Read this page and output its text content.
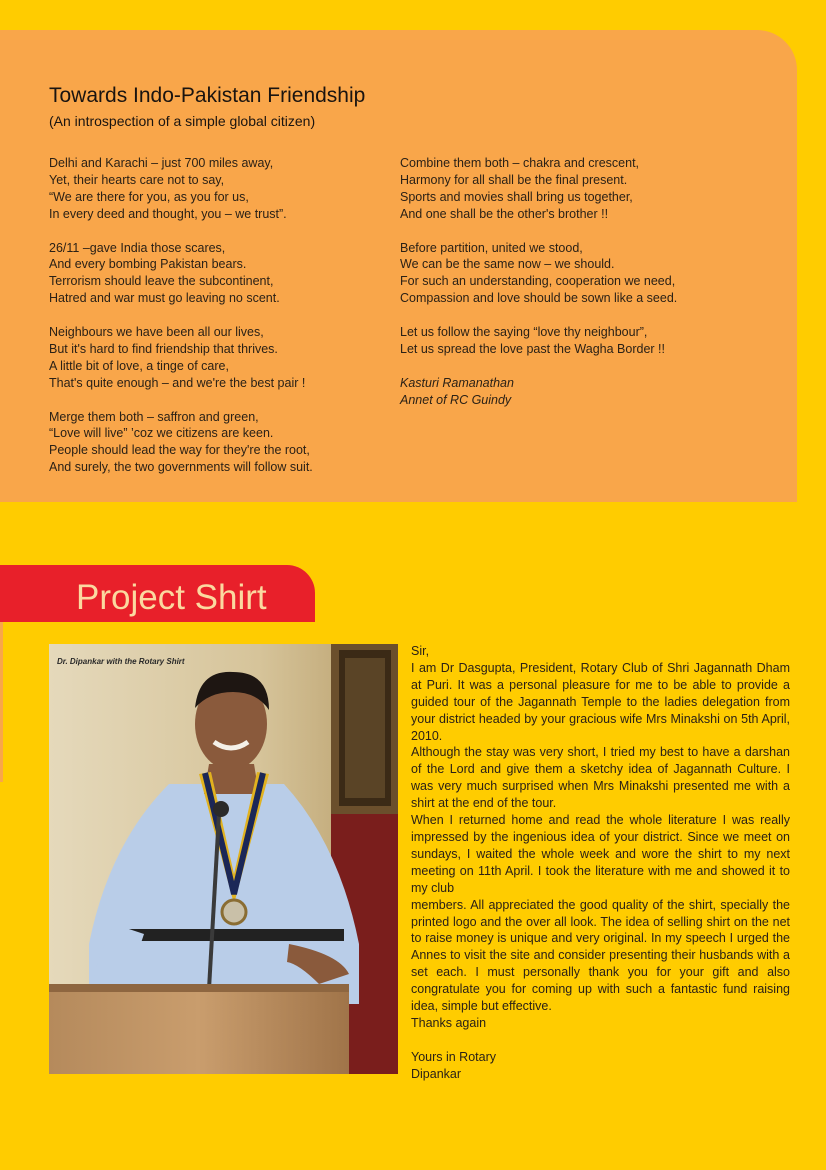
Towards Indo-Pakistan Friendship
(An introspection of a simple global citizen)
Delhi and Karachi – just 700 miles away,
Yet, their hearts care not to say,
“We are there for you, as you for us,
In every deed and thought, you – we trust”.
26/11 –gave India those scares,
And every bombing Pakistan bears.
Terrorism should leave the subcontinent,
Hatred and war must go leaving no scent.
Neighbours we have been all our lives,
But it's hard to find friendship that thrives.
A little bit of love, a tinge of care,
That's quite enough – and we're the best pair !
Merge them both – saffron and green,
“Love will live” ’coz we citizens are keen.
People should lead the way for they're the root,
And surely, the two governments will follow suit.
Combine them both – chakra and crescent,
Harmony for all shall be the final present.
Sports and movies shall bring us together,
And one shall be the other's brother !!
Before partition, united we stood,
We can be the same now – we should.
For such an understanding, cooperation we need,
Compassion and love should be sown like a seed.
Let us follow the saying “love thy neighbour”,
Let us spread the love past the Wagha Border !!
Kasturi Ramanathan
Annet of RC Guindy
Project Shirt
Dr. Dipankar with the Rotary Shirt

Sir,

I am Dr Dasgupta, President, Rotary Club of Shri Jagannath Dham at Puri. It was a personal pleasure for me to be able to provide a guided tour of the Jagannath Temple to the ladies delegation from your district headed by your gracious wife Mrs Minakshi on 5th April, 2010.

Although the stay was very short, I tried my best to have a darshan of the Lord and give them a sketchy idea of Jagannath Culture. I was very much surprised when Mrs Minakshi presented me with a shirt at the end of the tour.

When I returned home and read the whole literature I was really impressed by the ingenious idea of your district. Since we meet on sundays, I waited the whole week and wore the shirt to my next meeting on 11th April. I took the literature with me and showed it to my club

members. All appreciated the good quality of the shirt, specially the printed logo and the over all look. The idea of selling shirt on the net to raise money is unique and very original. In my speech I urged the Annes to visit the site and consider presenting their husbands with a set each. I must personally thank you for your gift and also congratulate you for coming up with such a fantastic fund raising idea, simple but effective.

Thanks again

Yours in Rotary

Dipankar
